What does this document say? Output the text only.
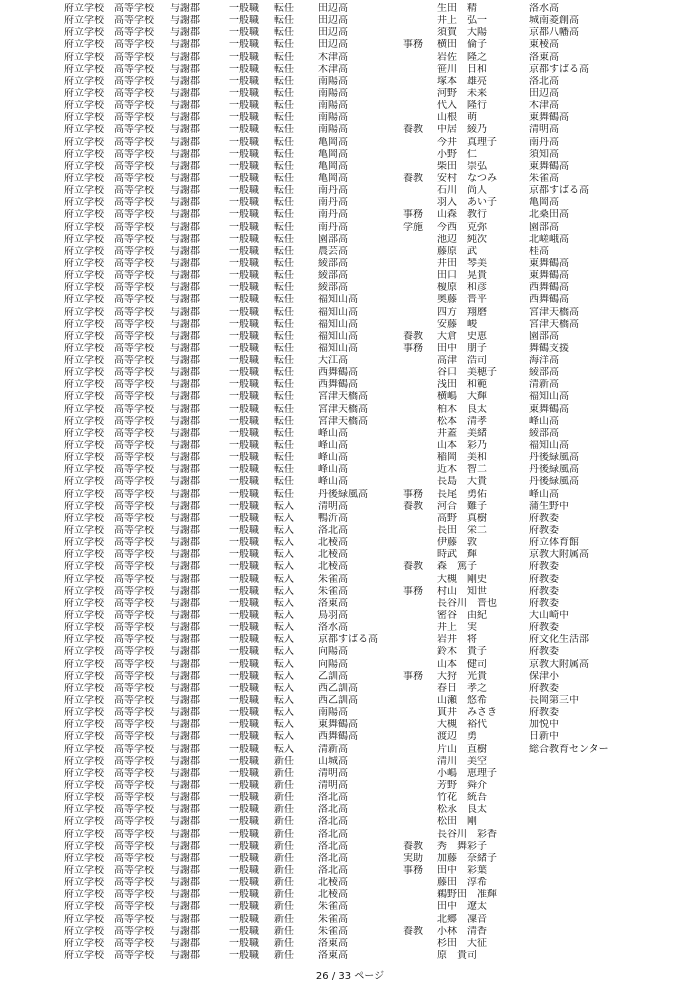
府立学校	高等学校	与謝郡	一般職	転任	田辺高	生田　精	洛水高
府立学校	高等学校	与謝郡	一般職	転任	田辺高	井上　弘一	城南菱創高
府立学校	高等学校	与謝郡	一般職	転任	田辺高	須賀　大陽	京都八幡高
府立学校	高等学校	与謝郡	一般職	転任	田辺高	事務	横田　倫子	東稜高
府立学校	高等学校	与謝郡	一般職	転任	木津高	岩佐　隆之	洛東高
府立学校	高等学校	与謝郡	一般職	転任	木津高	笹川　日和	京都すばる高
府立学校	高等学校	与謝郡	一般職	転任	南陽高	塚本　雄亮	洛北高
府立学校	高等学校	与謝郡	一般職	転任	南陽高	河野　未来	田辺高
府立学校	高等学校	与謝郡	一般職	転任	南陽高	代入　隆行	木津高
府立学校	高等学校	与謝郡	一般職	転任	南陽高	山根　萌	東舞鶴高
府立学校	高等学校	与謝郡	一般職	転任	南陽高	養教	中居　綾乃	清明高
府立学校	高等学校	与謝郡	一般職	転任	亀岡高	今井　真理子	南丹高
府立学校	高等学校	与謝郡	一般職	転任	亀岡高	小野　仁	須知高
府立学校	高等学校	与謝郡	一般職	転任	亀岡高	柴田　崇弘	東舞鶴高
府立学校	高等学校	与謝郡	一般職	転任	亀岡高	養教	安村　なつみ	朱雀高
府立学校	高等学校	与謝郡	一般職	転任	南丹高	石川　尚人	京都すばる高
府立学校	高等学校	与謝郡	一般職	転任	南丹高	羽入　あい子	亀岡高
府立学校	高等学校	与謝郡	一般職	転任	南丹高	事務	山森　教行	北桑田高
府立学校	高等学校	与謝郡	一般職	転任	南丹高	学施	今西　克弥	園部高
府立学校	高等学校	与謝郡	一般職	転任	園部高	池辺　純次	北嵯峨高
府立学校	高等学校	与謝郡	一般職	転任	農芸高	藤原　武	桂高
府立学校	高等学校	与謝郡	一般職	転任	綾部高	井田　琴美	東舞鶴高
府立学校	高等学校	与謝郡	一般職	転任	綾部高	田口　晃貴	東舞鶴高
府立学校	高等学校	与謝郡	一般職	転任	綾部高	榎原　和彦	西舞鶴高
府立学校	高等学校	与謝郡	一般職	転任	福知山高	奥藤　晋平	西舞鶴高
府立学校	高等学校	与謝郡	一般職	転任	福知山高	四方　翔磨	宮津天橋高
府立学校	高等学校	与謝郡	一般職	転任	福知山高	安藤　峻	宮津天橋高
府立学校	高等学校	与謝郡	一般職	転任	福知山高	養教	大倉　史恵	園部高
府立学校	高等学校	与謝郡	一般職	転任	福知山高	事務	田中　朋子	舞鶴支援
府立学校	高等学校	与謝郡	一般職	転任	大江高	高津　浩司	海洋高
府立学校	高等学校	与謝郡	一般職	転任	西舞鶴高	谷口　美穂子	綾部高
府立学校	高等学校	与謝郡	一般職	転任	西舞鶴高	浅田　和範	清新高
府立学校	高等学校	与謝郡	一般職	転任	宮津天橋高	横嶋　大輝	福知山高
府立学校	高等学校	与謝郡	一般職	転任	宮津天橋高	柏木　良太	東舞鶴高
府立学校	高等学校	与謝郡	一般職	転任	宮津天橋高	松本　清孝	峰山高
府立学校	高等学校	与謝郡	一般職	転任	峰山高	井蓋　美緒	綾部高
府立学校	高等学校	与謝郡	一般職	転任	峰山高	山本　彩乃	福知山高
府立学校	高等学校	与謝郡	一般職	転任	峰山高	稲岡　美和	丹後緑風高
府立学校	高等学校	与謝郡	一般職	転任	峰山高	近木　智二	丹後緑風高
府立学校	高等学校	与謝郡	一般職	転任	峰山高	長島　大貴	丹後緑風高
府立学校	高等学校	与謝郡	一般職	転任	丹後緑風高	事務	長尾　勇佑	峰山高
府立学校	高等学校	与謝郡	一般職	転入	清明高	養教	河合　難子	蒲生野中
府立学校	高等学校	与謝郡	一般職	転入	鴨沂高	高野　真樹	府教委
府立学校	高等学校	与謝郡	一般職	転入	洛北高	長田　栄二	府教委
府立学校	高等学校	与謝郡	一般職	転入	北稜高	伊藤　敦	府立体育館
府立学校	高等学校	与謝郡	一般職	転入	北稜高	時武　輝	京教大附属高
府立学校	高等学校	与謝郡	一般職	転入	北稜高	養教	森　篤子	府教委
府立学校	高等学校	与謝郡	一般職	転入	朱雀高	大槻　剛史	府教委
府立学校	高等学校	与謝郡	一般職	転入	朱雀高	事務	村山　知世	府教委
府立学校	高等学校	与謝郡	一般職	転入	洛東高	長谷川　晋也	府教委
府立学校	高等学校	与謝郡	一般職	転入	鳥羽高	密谷　由紀	大山崎中
府立学校	高等学校	与謝郡	一般職	転入	洛水高	井上　実	府教委
府立学校	高等学校	与謝郡	一般職	転入	京都すばる高	岩井　将	府文化生活部
府立学校	高等学校	与謝郡	一般職	転入	向陽高	鈴木　貴子	府教委
府立学校	高等学校	与謝郡	一般職	転入	向陽高	山本　健司	京教大附属高
府立学校	高等学校	与謝郡	一般職	転入	乙訓高	事務	大狩　光貴	保津小
府立学校	高等学校	与謝郡	一般職	転入	西乙訓高	春日　孝之	府教委
府立学校	高等学校	与謝郡	一般職	転入	西乙訓高	山瀬　悠希	長岡第三中
府立学校	高等学校	与謝郡	一般職	転入	南陽高	貫井　みさき	府教委
府立学校	高等学校	与謝郡	一般職	転入	東舞鶴高	大槻　裕代	加悦中
府立学校	高等学校	与謝郡	一般職	転入	西舞鶴高	渡辺　勇	日新中
府立学校	高等学校	与謝郡	一般職	転入	清新高	片山　直樹	総合教育センター
府立学校	高等学校	与謝郡	一般職	新任	山城高	清川　美空
府立学校	高等学校	与謝郡	一般職	新任	清明高	小嶋　恵理子
府立学校	高等学校	与謝郡	一般職	新任	清明高	芳野　舜介
府立学校	高等学校	与謝郡	一般職	新任	洛北高	竹花　統吾
府立学校	高等学校	与謝郡	一般職	新任	洛北高	松永　良太
府立学校	高等学校	与謝郡	一般職	新任	洛北高	松田　剛
府立学校	高等学校	与謝郡	一般職	新任	洛北高	長谷川　彩香
府立学校	高等学校	与謝郡	一般職	新任	洛北高	養教	秀　舞彩子
府立学校	高等学校	与謝郡	一般職	新任	洛北高	実助	加藤　奈緒子
府立学校	高等学校	与謝郡	一般職	新任	洛北高	事務	田中　彩葉
府立学校	高等学校	与謝郡	一般職	新任	北稜高	藤田　淳希
府立学校	高等学校	与謝郡	一般職	新任	北稜高	鵜野田　准輝
府立学校	高等学校	与謝郡	一般職	新任	朱雀高	田中　遼太
府立学校	高等学校	与謝郡	一般職	新任	朱雀高	北郷　凜音
府立学校	高等学校	与謝郡	一般職	新任	朱雀高	養教	小林　清香
府立学校	高等学校	与謝郡	一般職	新任	洛東高	杉田　大征
府立学校	高等学校	与謝郡	一般職	新任	洛東高	原　貴司
26 / 33 ページ
